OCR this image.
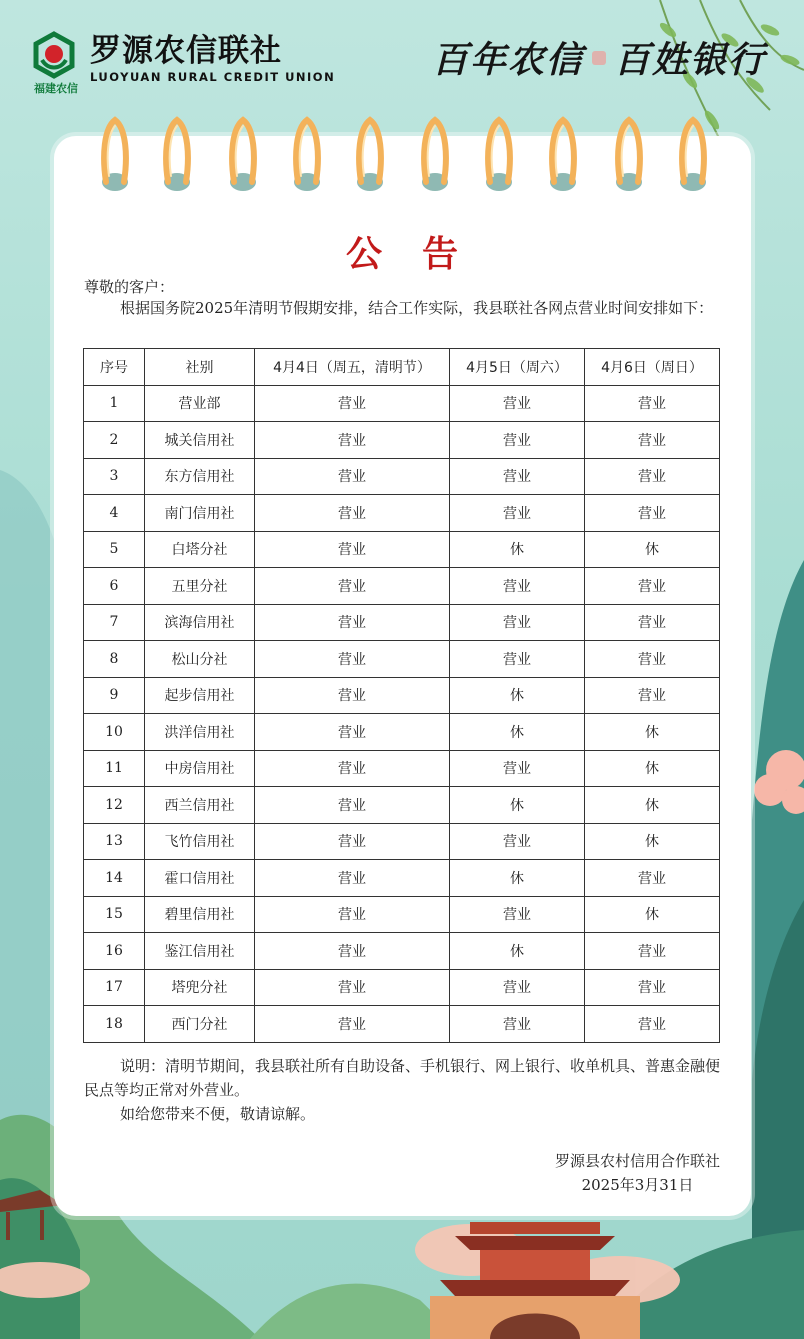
福建农信
罗源农信联社
LUOYUAN RURAL CREDIT UNION	百年农信 百姓银行
公告
尊敬的客户：

根据国务院2025年清明节假期安排，结合工作实际，我县联社各网点营业时间安排如下：

序号	社别	4月4日（周五，清明节）	4月5日（周六）	4月6日（周日）
1	营业部	营业	营业	营业
2	城关信用社	营业	营业	营业
3	东方信用社	营业	营业	营业
4	南门信用社	营业	营业	营业
5	白塔分社	营业	休	休
6	五里分社	营业	营业	营业
7	滨海信用社	营业	营业	营业
8	松山分社	营业	营业	营业
9	起步信用社	营业	休	营业
10	洪洋信用社	营业	休	休
11	中房信用社	营业	营业	休
12	西兰信用社	营业	休	休
13	飞竹信用社	营业	营业	休
14	霍口信用社	营业	休	营业
15	碧里信用社	营业	营业	休
16	鉴江信用社	营业	休	营业
17	塔兜分社	营业	营业	营业
18	西门分社	营业	营业	营业

说明：清明节期间，我县联社所有自助设备、手机银行、网上银行、收单机具、普惠金融便民点等均正常对外营业。

如给您带来不便，敬请谅解。

罗源县农村信用合作联社
2025年3月31日
